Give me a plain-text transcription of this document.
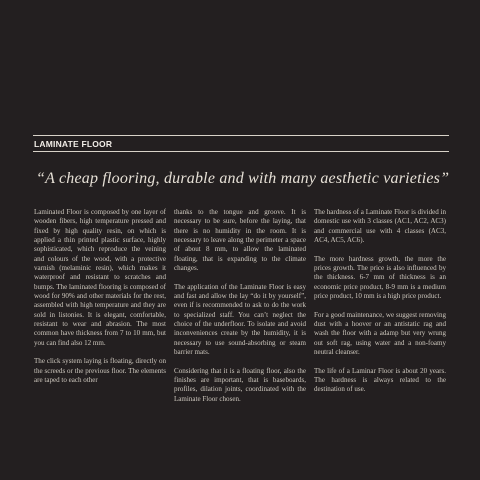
LAMINATE FLOOR
“A cheap flooring, durable and with many aesthetic varieties”

Laminated Floor is composed by one layer of wooden fibers, high temperature pressed and fixed by high quality resin, on which is applied a thin printed plastic surface, highly sophisticated, which reproduce the veining and colours of the wood, with a protective varnish (melaminic resin), which makes it waterproof and resistant to scratches and bumps. The laminated flooring is composed of wood for 90% and other materials for the rest, assembled with high temperature and they are sold in listonies. It is elegant, comfortable, resistant to wear and abrasion. The most common have thickness from 7 to 10 mm, but you can find also 12 mm.

The click system laying is floating, directly on the screeds or the previous floor. The elements are taped to each other

thanks to the tongue and groove. It is necessary to be sure, before the laying, that there is no humidity in the room. It is necessary to leave along the perimeter a space of about 8 mm, to allow the laminated floating, that is expanding to the climate changes.

The application of the Laminate Floor is easy and fast and allow the lay “do it by yourself”, even if is recommended to ask to do the work to specialized staff. You can’t neglect the choice of the underfloor. To isolate and avoid inconveniences create by the humidity, it is necessary to use sound-absorbing or steam barrier mats.

Considering that it is a floating floor, also the finishes are important, that is baseboards, profiles, dilation joints, coordinated with the Laminate Floor chosen.

The hardness of a Laminate Floor is divided in domestic use with 3 classes (AC1, AC2, AC3) and commercial use with 4 classes (AC3, AC4, AC5, AC6).

The more hardness growth, the more the prices growth. The price is also influenced by the thickness. 6-7 mm of thickness is an economic price product, 8-9 mm is a medium price product, 10 mm is a high price product.

For a good maintenance, we suggest removing dust with a hoover or an antistatic rag and wash the floor with a adamp but very wrung out soft rag, using water and a non-foamy neutral cleanser.

The life of a Laminar Floor is about 20 years. The hardness is always related to the destination of use.
